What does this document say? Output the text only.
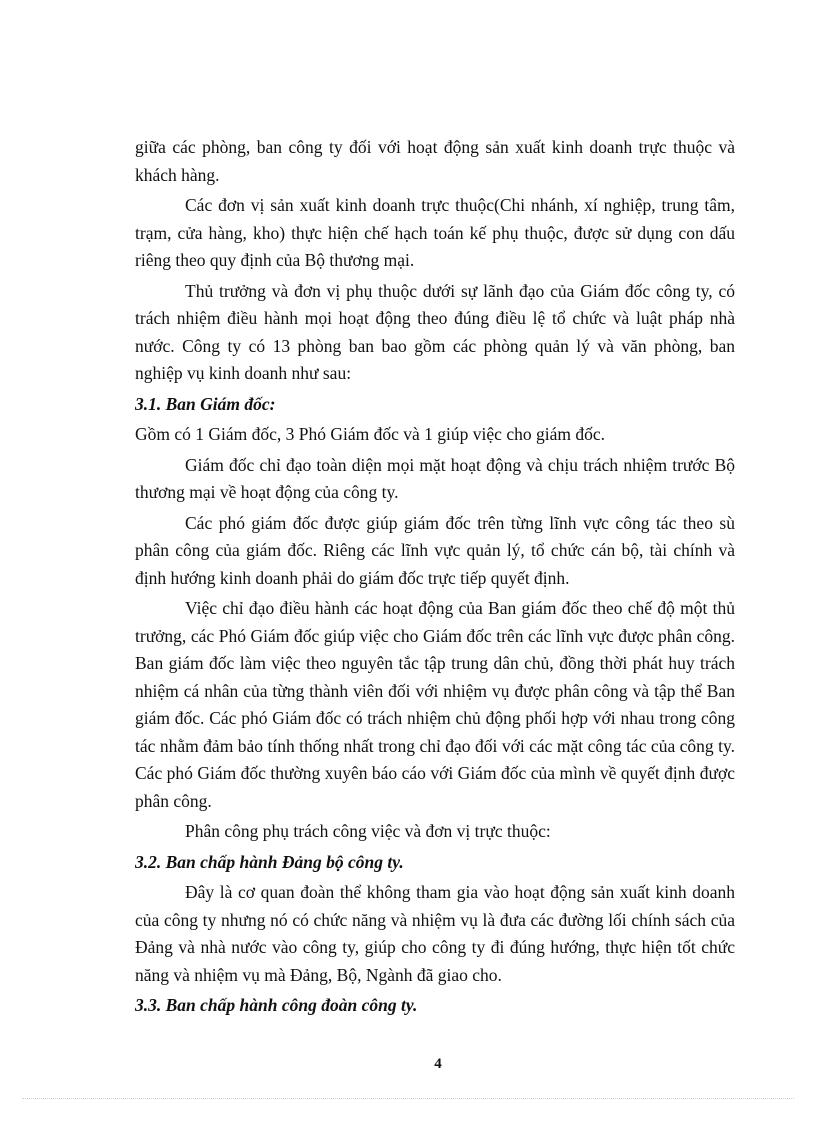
giữa các phòng, ban công ty đối với hoạt động sản xuất kinh doanh trực thuộc và khách hàng.

Các đơn vị sản xuất kinh doanh trực thuộc(Chi nhánh, xí nghiệp, trung tâm, trạm, cửa hàng, kho) thực hiện chế hạch toán kế phụ thuộc, được sử dụng con dấu riêng theo quy định của Bộ thương mại.

Thủ trưởng và đơn vị phụ thuộc dưới sự lãnh đạo của Giám đốc công ty, có trách nhiệm điều hành mọi hoạt động theo đúng điều lệ tổ chức và luật pháp nhà nước. Công ty có 13 phòng ban bao gồm các phòng quản lý và văn phòng, ban nghiệp vụ kinh doanh như sau:

3.1. Ban Giám đốc:

Gồm có 1 Giám đốc, 3 Phó Giám đốc và 1 giúp việc cho giám đốc.

Giám đốc chỉ đạo toàn diện mọi mặt hoạt động và chịu trách nhiệm trước Bộ thương mại về hoạt động của công ty.

Các phó giám đốc được giúp giám đốc trên từng lĩnh vực công tác theo sù phân công của giám đốc. Riêng các lĩnh vực quản lý, tổ chức cán bộ, tài chính và định hướng kinh doanh phải do giám đốc trực tiếp quyết định.

Việc chỉ đạo điều hành các hoạt động của Ban giám đốc theo chế độ một thủ trưởng, các Phó Giám đốc giúp việc cho Giám đốc trên các lĩnh vực được phân công. Ban giám đốc làm việc theo nguyên tắc tập trung dân chủ, đồng thời phát huy trách nhiệm cá nhân của từng thành viên đối với nhiệm vụ được phân công và tập thể Ban giám đốc. Các phó Giám đốc có trách nhiệm chủ động phối hợp với nhau trong công tác nhằm đảm bảo tính thống nhất trong chỉ đạo đối với các mặt công tác của công ty. Các phó Giám đốc thường xuyên báo cáo với Giám đốc của mình về quyết định được phân công.

Phân công phụ trách công việc và đơn vị trực thuộc:

3.2. Ban chấp hành Đảng bộ công ty.

Đây là cơ quan đoàn thể không tham gia vào hoạt động sản xuất kinh doanh của công ty nhưng nó có chức năng và nhiệm vụ là đưa các đường lối chính sách của Đảng và nhà nước vào công ty, giúp cho công ty đi đúng hướng, thực hiện tốt chức năng và nhiệm vụ mà Đảng, Bộ, Ngành đã giao cho.

3.3. Ban chấp hành công đoàn công ty.

4
